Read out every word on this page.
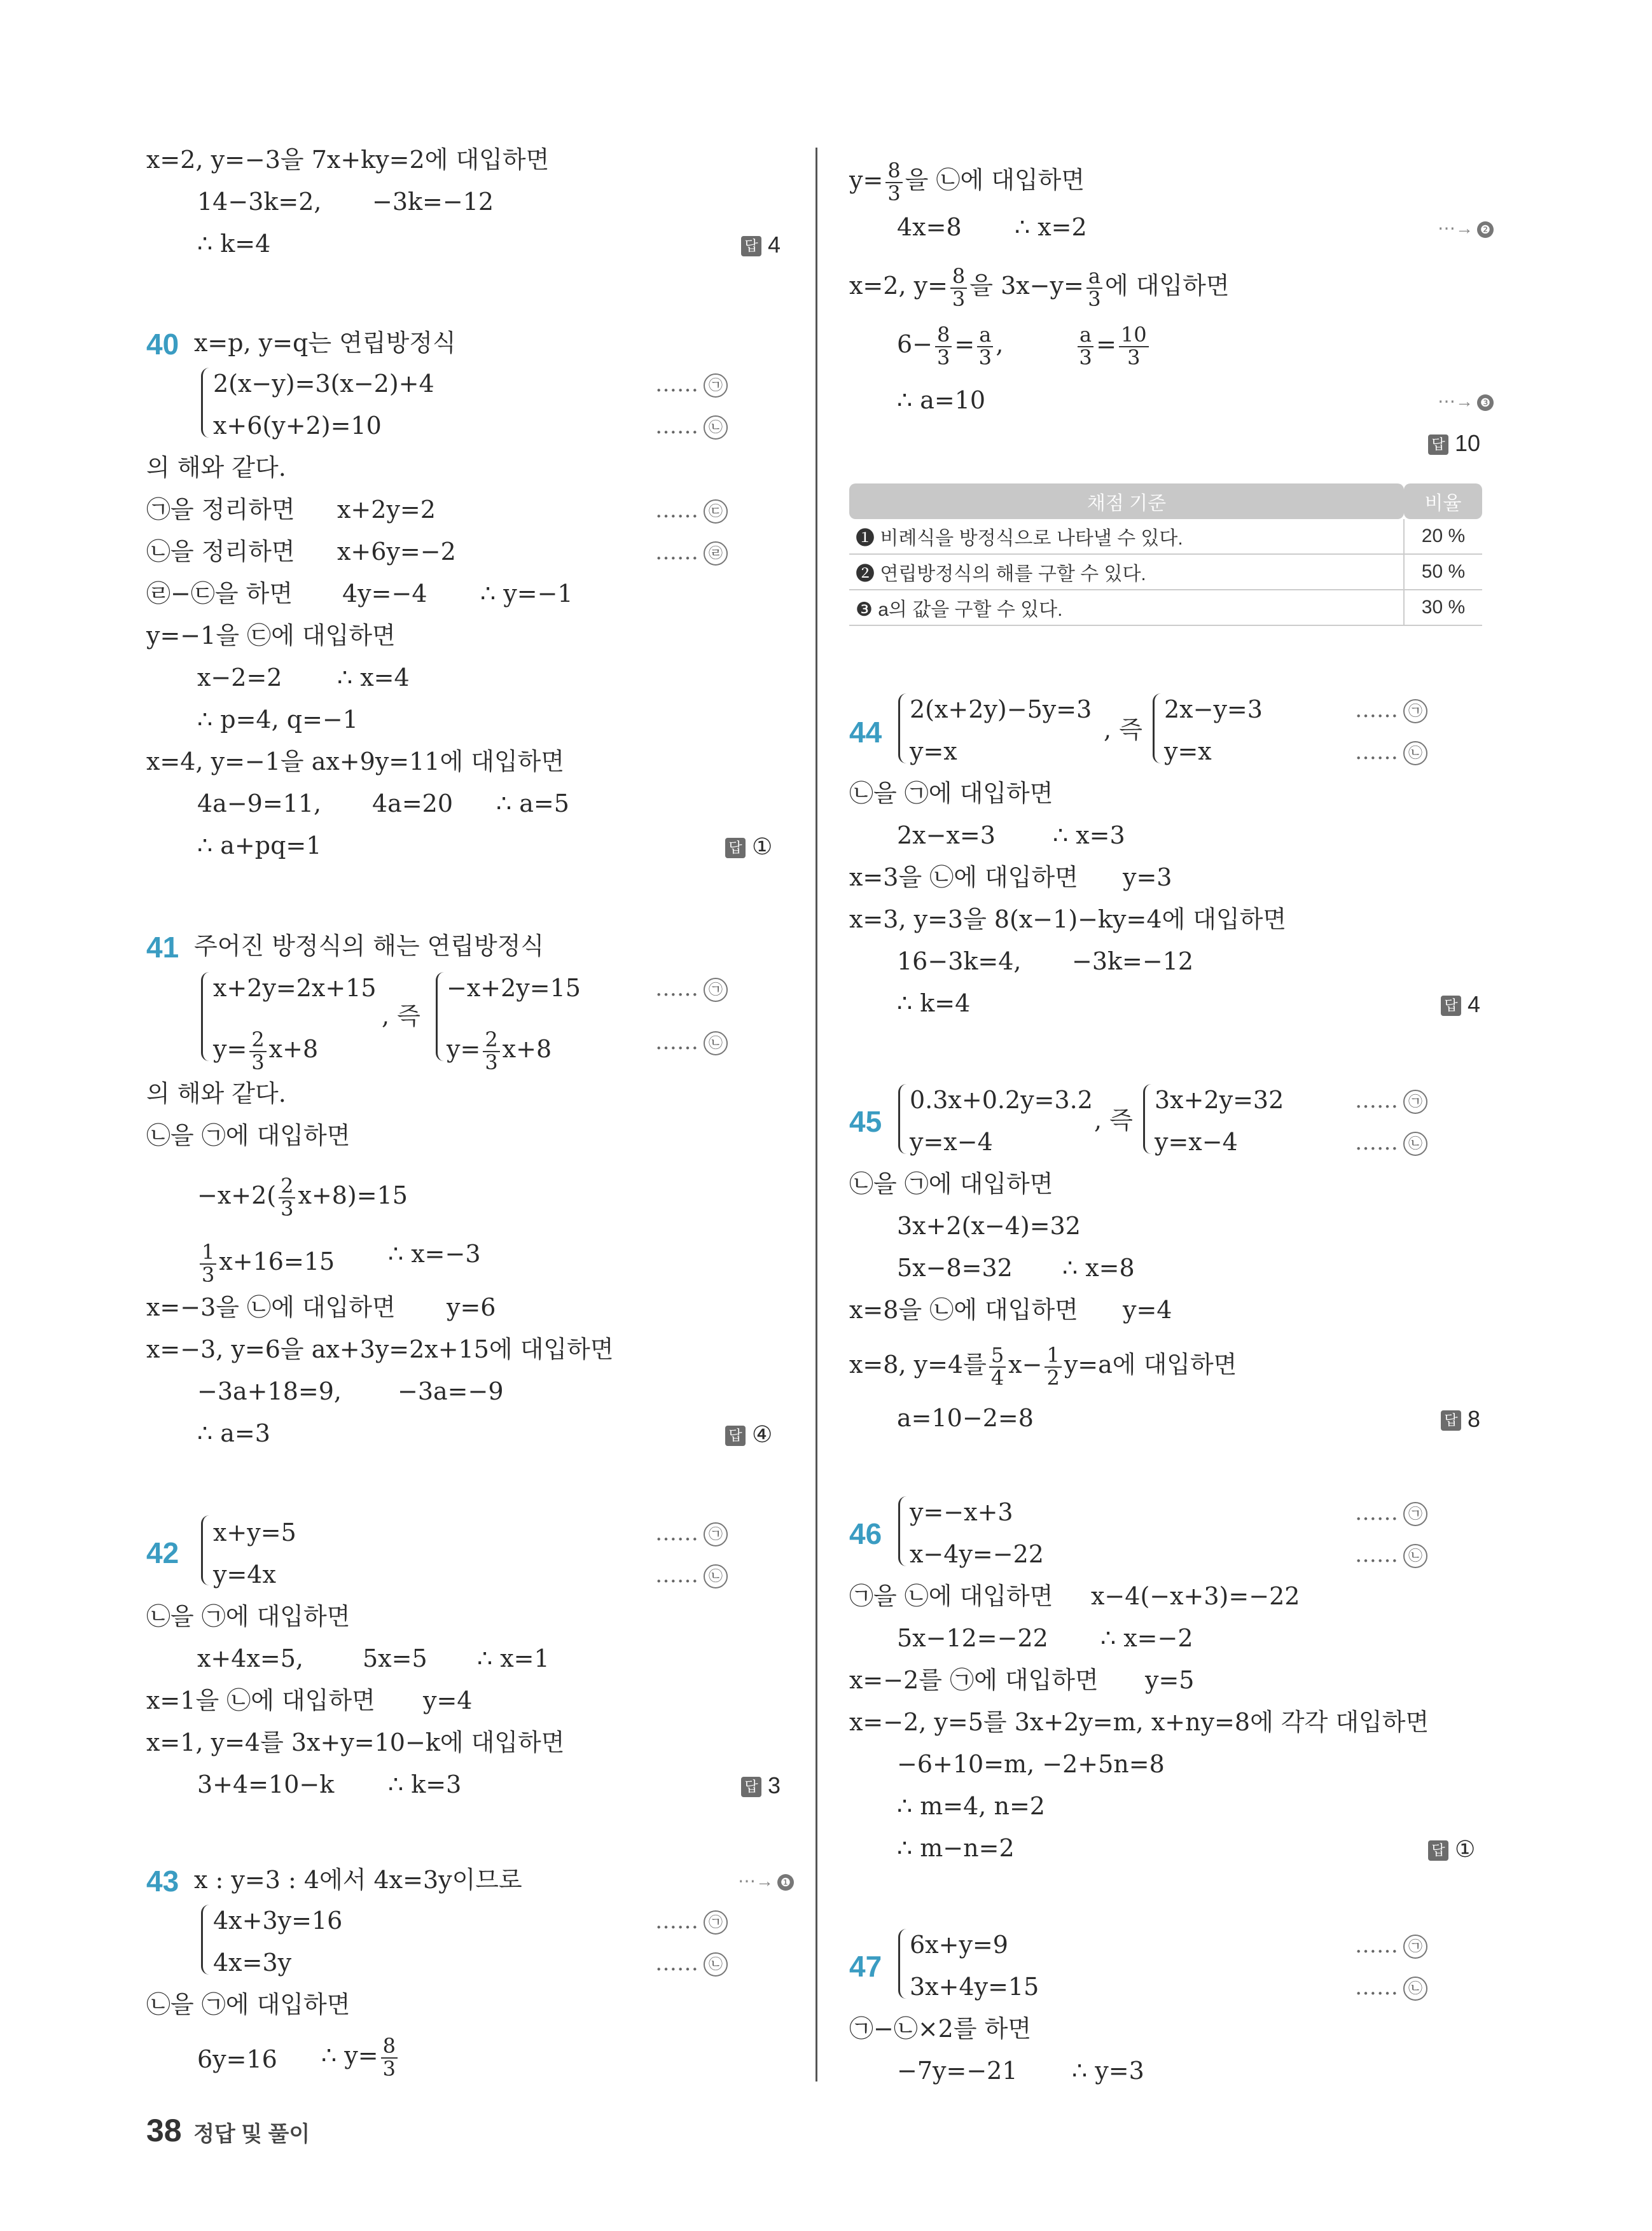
x=2, y=−3을 7x+ky=2에 대입하면
14−3k=2, −3k=−12
∴ k=4	답 4
40 x=p, y=q는 연립방정식
2(x−y)=3(x−2)+4
x+6(y+2)=10
…… ㉠
…… ㉡
의 해와 같다.
㉠을 정리하면 x+2y=2	…… ㉢
㉡을 정리하면 x+6y=−2	…… ㉣
㉣−㉢을 하면 4y=−4 ∴ y=−1
y=−1을 ㉢에 대입하면
x−2=2 ∴ x=4
∴ p=4, q=−1
x=4, y=−1을 ax+9y=11에 대입하면
4a−9=11, 4a=20 ∴ a=5
∴ a+pq=1	답 ①
41 주어진 방정식의 해는 연립방정식
x+2y=2x+15
$y= \frac{2}{3} x+8$
, 즉
−x+2y=15
$y= \frac{2}{3} x+8$
…… ㉠
…… ㉡
의 해와 같다.
㉡을 ㉠에 대입하면
$-x+2( \frac{2}{3} x+8)=15$
$\frac{1}{3} x+16=15$ ∴ x=−3
x=−3을 ㉡에 대입하면 y=6
x=−3, y=6을 ax+3y=2x+15에 대입하면
−3a+18=9, −3a=−9
∴ a=3	답 ④
42
x+y=5
y=4x
…… ㉠
…… ㉡
㉡을 ㉠에 대입하면
x+4x=5, 5x=5 ∴ x=1
x=1을 ㉡에 대입하면 y=4
x=1, y=4를 3x+y=10−k에 대입하면
3+4=10−k ∴ k=3	답 3
43 x : y=3 : 4에서 4x=3y이므로	⋯→ ❶
4x+3y=16
4x=3y
…… ㉠
…… ㉡
㉡을 ㉠에 대입하면
6y=16 ∴ $y= \frac{8}{3}$
$y= \frac{8}{3}$ 을 ㉡에 대입하면
4x=8 ∴ x=2	⋯→ ❷
x=2, $y= \frac{8}{3}$ 을 $3x-y= \frac{a}{3}$ 에 대입하면
$6- \frac{8}{3} = \frac{a}{3}$ ,	$\frac{a}{3} = \frac{10}{3}$
∴ a=10	⋯→ ❸
답 10
채점 기준	비율
❶ 비례식을 방정식으로 나타낼 수 있다.	20 %
❷ 연립방정식의 해를 구할 수 있다.	50 %
❸ a의 값을 구할 수 있다.	30 %
44
2(x+2y)−5y=3
y=x
, 즉
2x−y=3
y=x
…… ㉠
…… ㉡
㉡을 ㉠에 대입하면
2x−x=3 ∴ x=3
x=3을 ㉡에 대입하면 y=3
x=3, y=3을 8(x−1)−ky=4에 대입하면
16−3k=4, −3k=−12
∴ k=4	답 4
45
0.3x+0.2y=3.2
y=x−4
, 즉
3x+2y=32
y=x−4
…… ㉠
…… ㉡
㉡을 ㉠에 대입하면
3x+2(x−4)=32
5x−8=32 ∴ x=8
x=8을 ㉡에 대입하면 y=4
x=8, y=4를 $\frac{5}{4} x- \frac{1}{2} y=a$에 대입하면
a=10−2=8	답 8
46
y=−x+3
x−4y=−22
…… ㉠
…… ㉡
㉠을 ㉡에 대입하면 x−4(−x+3)=−22
5x−12=−22 ∴ x=−2
x=−2를 ㉠에 대입하면 y=5
x=−2, y=5를 3x+2y=m, x+ny=8에 각각 대입하면
−6+10=m, −2+5n=8
∴ m=4, n=2
∴ m−n=2	답 ①
47
6x+y=9
3x+4y=15
…… ㉠
…… ㉡
㉠−㉡×2를 하면
−7y=−21 ∴ y=3
38 정답 및 풀이
